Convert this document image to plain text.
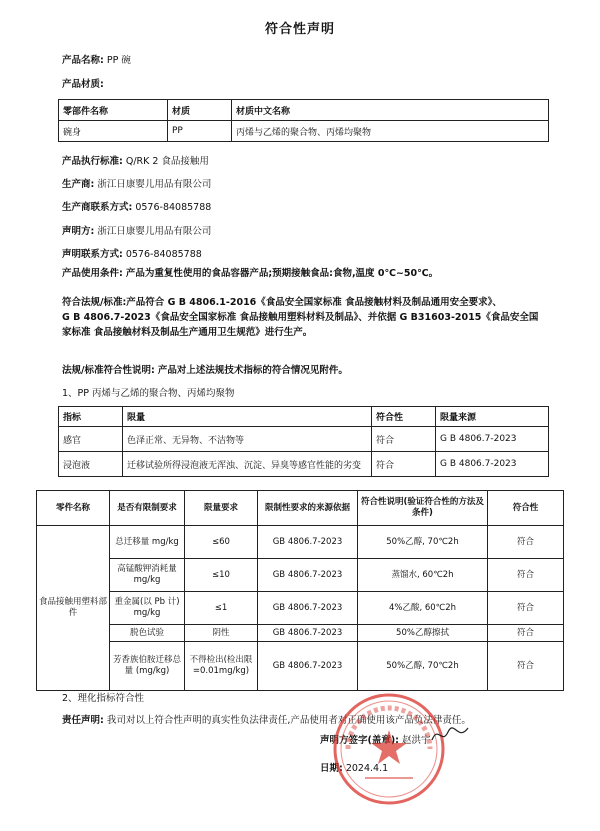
符合性声明
产品名称: PP 碗
产品材质:
零部件名称	材质	材质中文名称
碗身	PP	丙烯与乙烯的聚合物、丙烯均聚物
产品执行标准: Q/RK 2 食品接触用
生产商: 浙江日康婴儿用品有限公司
生产商联系方式: 0576-84085788
声明方: 浙江日康婴儿用品有限公司
声明联系方式: 0576-84085788
产品使用条件: 产品为重复性使用的食品容器产品;预期接触食品:食物,温度 0℃~50℃。
符合法规/标准:产品符合 G B 4806.1-2016《食品安全国家标准 食品接触材料及制品通用安全要求》、
G B 4806.7-2023《食品安全国家标准 食品接触用塑料材料及制品》、并依据 G B31603-2015《食品安全国
家标准 食品接触材料及制品生产通用卫生规范》进行生产。
法规/标准符合性说明: 产品对上述法规技术指标的符合情况见附件。
1、PP 丙烯与乙烯的聚合物、丙烯均聚物
指标	限量	符合性	限量来源
感官	色泽正常、无异物、不洁物等	符合	G B 4806.7-2023
浸泡液	迁移试验所得浸泡液无浑浊、沉淀、异臭等感官性能的劣变	符合	G B 4806.7-2023
零件名称	是否有限制要求	限量要求	限制性要求的来源依据	符合性说明(验证符合性的方法及条件)	符合性
食品接触用塑料部件	总迁移量 mg/kg	≤60	GB 4806.7-2023	50%乙醇, 70℃2h	符合
	高锰酸钾消耗量 mg/kg	≤10	GB 4806.7-2023	蒸馏水, 60℃2h	符合
	重金属(以 Pb 计) mg/kg	≤1	GB 4806.7-2023	4%乙酸, 60℃2h	符合
	脱色试验	阴性	GB 4806.7-2023	50%乙醇擦拭	符合
	芳香族伯胺迁移总量 (mg/kg)	不得检出(检出限=0.01mg/kg)	GB 4806.7-2023	50%乙醇, 70℃2h	符合
2、理化指标符合性
责任声明: 我司对以上符合性声明的真实性负法律责任,产品使用者对正确使用该产品负法律责任。
声明方签字(盖章): 赵洪宇
日期: 2024.4.1
